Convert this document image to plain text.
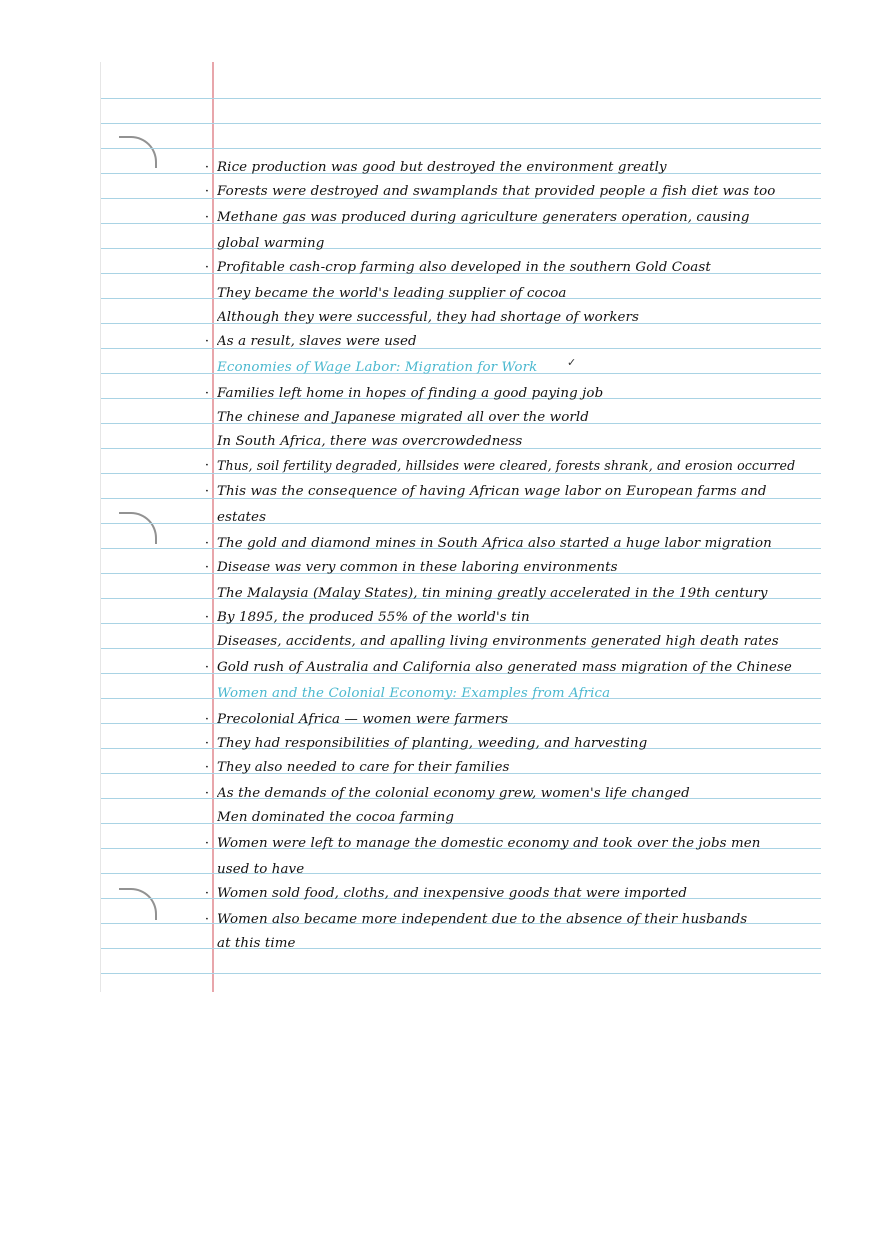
· Rice production was good but destroyed the environment greatly
· Forests were destroyed and swamplands that provided people a fish diet was too
· Methane gas was produced during agriculture generaters operation, causing
global warming
· Profitable cash-crop farming also developed in the southern Gold Coast
They became the world's leading supplier of cocoa
Although they were successful, they had shortage of workers
· As a result, slaves were used
Economies of Wage Labor: Migration for Work	✓
· Families left home in hopes of finding a good paying job
The chinese and Japanese migrated all over the world
In South Africa, there was overcrowdedness
· Thus, soil fertility degraded, hillsides were cleared, forests shrank, and erosion occurred
· This was the consequence of having African wage labor on European farms and
estates
· The gold and diamond mines in South Africa also started a huge labor migration
· Disease was very common in these laboring environments
The Malaysia (Malay States), tin mining greatly accelerated in the 19th century
· By 1895, the produced 55% of the world's tin
Diseases, accidents, and apalling living environments generated high death rates
· Gold rush of Australia and California also generated mass migration of the Chinese
Women and the Colonial Economy: Examples from Africa
· Precolonial Africa — women were farmers
· They had responsibilities of planting, weeding, and harvesting
· They also needed to care for their families
· As the demands of the colonial economy grew, women's life changed
Men dominated the cocoa farming
· Women were left to manage the domestic economy and took over the jobs men
used to have
· Women sold food, cloths, and inexpensive goods that were imported
· Women also became more independent due to the absence of their husbands
at this time
